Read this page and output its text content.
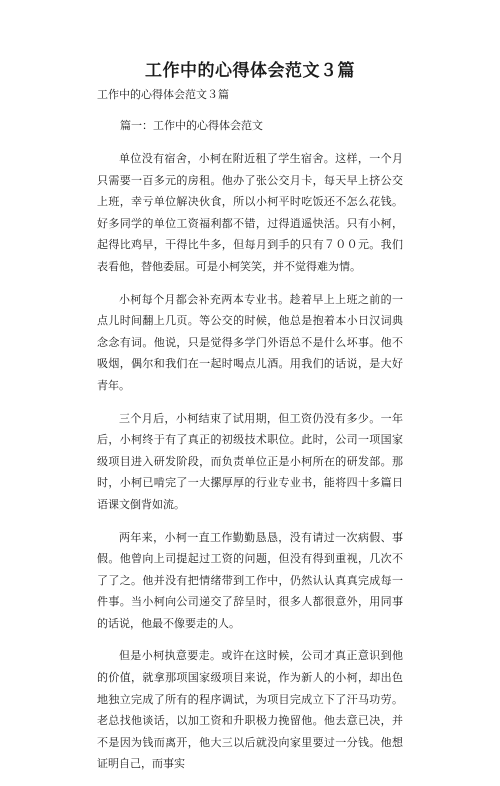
工作中的心得体会范文３篇
工作中的心得体会范文３篇
篇一：工作中的心得体会范文

单位没有宿舍，小柯在附近租了学生宿舍。这样，一个月只需要一百多元的房租。他办了张公交月卡，每天早上挤公交上班，幸亏单位解决伙食，所以小柯平时吃饭还不怎么花钱。好多同学的单位工资福利都不错，过得逍遥快活。只有小柯，起得比鸡早，干得比牛多，但每月到手的只有７００元。我们表看他，替他委屈。可是小柯笑笑，并不觉得难为情。

小柯每个月都会补充两本专业书。趁着早上上班之前的一点儿时间翻上几页。等公交的时候，他总是抱着本小日汉词典念念有词。他说，只是觉得多学门外语总不是什么坏事。他不吸烟，偶尔和我们在一起时喝点儿酒。用我们的话说，是大好青年。

三个月后，小柯结束了试用期，但工资仍没有多少。一年后，小柯终于有了真正的初级技术职位。此时，公司一项国家级项目进入研发阶段，而负责单位正是小柯所在的研发部。那时，小柯已啃完了一大摞厚厚的行业专业书，能将四十多篇日语课文倒背如流。

两年来，小柯一直工作勤勤恳恳，没有请过一次病假、事假。他曾向上司提起过工资的问题，但没有得到重视，几次不了了之。他并没有把情绪带到工作中，仍然认认真真完成每一件事。当小柯向公司递交了辞呈时，很多人都很意外，用同事的话说，他最不像要走的人。

但是小柯执意要走。或许在这时候，公司才真正意识到他的价值，就拿那项国家级项目来说，作为新人的小柯，却出色地独立完成了所有的程序调试，为项目完成立下了汗马功劳。老总找他谈话，以加工资和升职极力挽留他。他去意已决，并不是因为钱而离开，他大三以后就没向家里要过一分钱。他想证明自己，而事实
